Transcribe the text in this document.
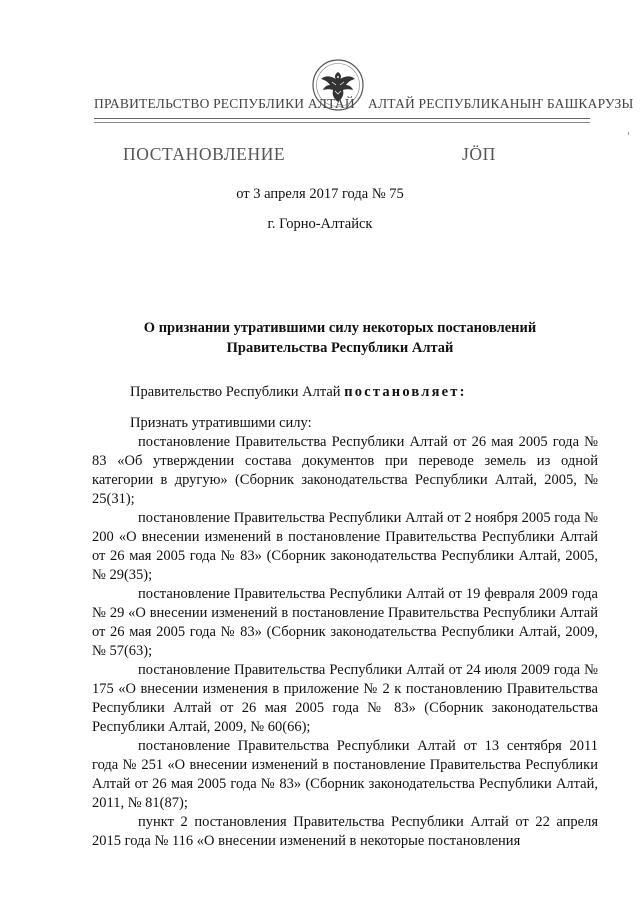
ПРАВИТЕЛЬСТВО РЕСПУБЛИКИ АЛТАЙ АЛТАЙ РЕСПУБЛИКАНЫҤ БАШКАРУЗЫ
ПОСТАНОВЛЕНИЕ	ЈӦП
от 3 апреля 2017 года № 75
г. Горно-Алтайск
О признании утратившими силу некоторых постановлений
Правительства Республики Алтай
Правительство Республики Алтай постановляет:

Признать утратившими силу:

постановление Правительства Республики Алтай от 26 мая 2005 года № 83 «Об утверждении состава документов при переводе земель из одной категории в другую» (Сборник законодательства Республики Алтай, 2005, № 25(31);

постановление Правительства Республики Алтай от 2 ноября 2005 года № 200 «О внесении изменений в постановление Правительства Республики Алтай от 26 мая 2005 года № 83» (Сборник законодательства Республики Алтай, 2005, № 29(35);

постановление Правительства Республики Алтай от 19 февраля 2009 года № 29 «О внесении изменений в постановление Правительства Республики Алтай от 26 мая 2005 года № 83» (Сборник законодательства Республики Алтай, 2009, № 57(63);

постановление Правительства Республики Алтай от 24 июля 2009 года № 175 «О внесении изменения в приложение № 2 к постановлению Правительства Республики Алтай от 26 мая 2005 года № 83» (Сборник законодательства Республики Алтай, 2009, № 60(66);

постановление Правительства Республики Алтай от 13 сентября 2011 года № 251 «О внесении изменений в постановление Правительства Республики Алтай от 26 мая 2005 года № 83» (Сборник законодательства Республики Алтай, 2011, № 81(87);

пункт 2 постановления Правительства Республики Алтай от 22 апреля 2015 года № 116 «О внесении изменений в некоторые постановления
